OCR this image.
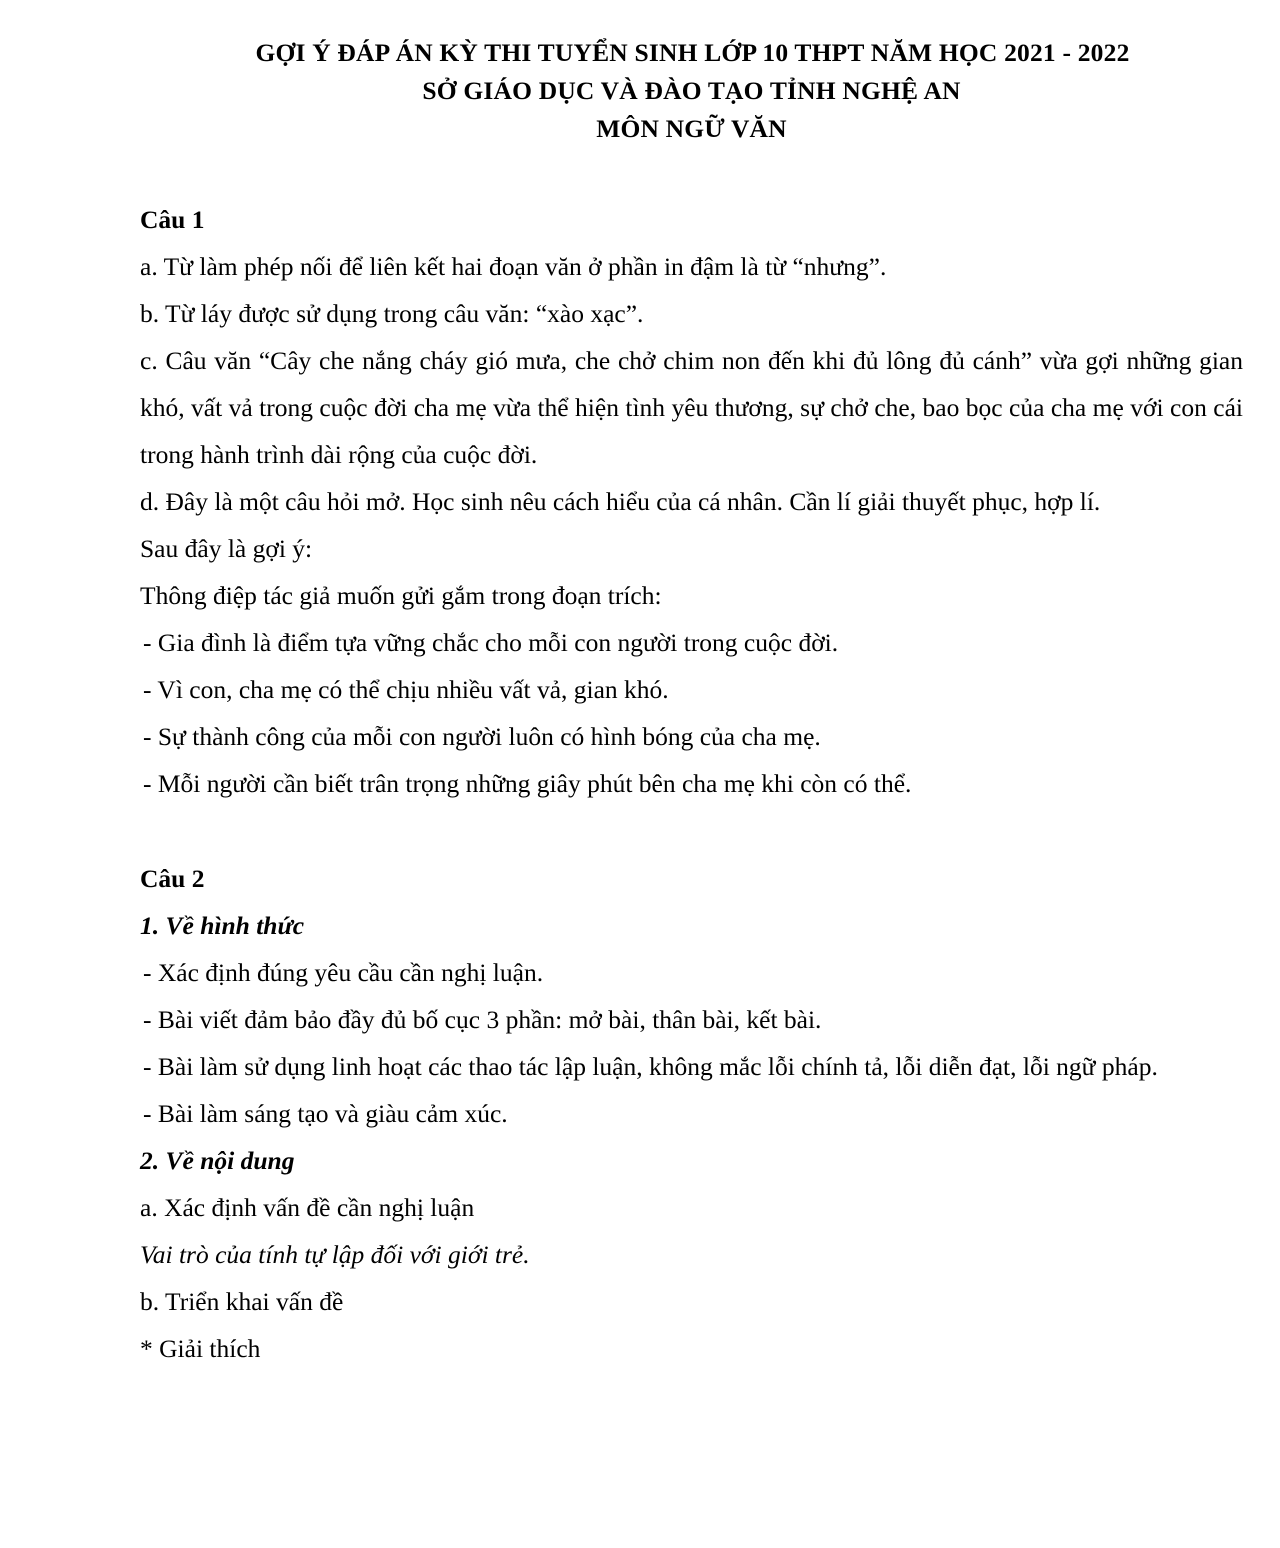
GỢI Ý ĐÁP ÁN KỲ THI TUYỂN SINH LỚP 10 THPT NĂM HỌC 2021 - 2022
SỞ GIÁO DỤC VÀ ĐÀO TẠO TỈNH NGHỆ AN
MÔN NGỮ VĂN
Câu 1

a. Từ làm phép nối để liên kết hai đoạn văn ở phần in đậm là từ “nhưng”.

b. Từ láy được sử dụng trong câu văn: “xào xạc”.

c. Câu văn “Cây che nắng cháy gió mưa, che chở chim non đến khi đủ lông đủ cánh” vừa gợi những gian khó, vất vả trong cuộc đời cha mẹ vừa thể hiện tình yêu thương, sự chở che, bao bọc của cha mẹ với con cái trong hành trình dài rộng của cuộc đời.

d. Đây là một câu hỏi mở. Học sinh nêu cách hiểu của cá nhân. Cần lí giải thuyết phục, hợp lí.

Sau đây là gợi ý:

Thông điệp tác giả muốn gửi gắm trong đoạn trích:

- Gia đình là điểm tựa vững chắc cho mỗi con người trong cuộc đời.

- Vì con, cha mẹ có thể chịu nhiều vất vả, gian khó.

- Sự thành công của mỗi con người luôn có hình bóng của cha mẹ.

- Mỗi người cần biết trân trọng những giây phút bên cha mẹ khi còn có thể.

Câu 2
1. Về hình thức

- Xác định đúng yêu cầu cần nghị luận.

- Bài viết đảm bảo đầy đủ bố cục 3 phần: mở bài, thân bài, kết bài.

- Bài làm sử dụng linh hoạt các thao tác lập luận, không mắc lỗi chính tả, lỗi diễn đạt, lỗi ngữ pháp.

- Bài làm sáng tạo và giàu cảm xúc.

2. Về nội dung

a. Xác định vấn đề cần nghị luận

Vai trò của tính tự lập đối với giới trẻ.

b. Triển khai vấn đề

* Giải thích
